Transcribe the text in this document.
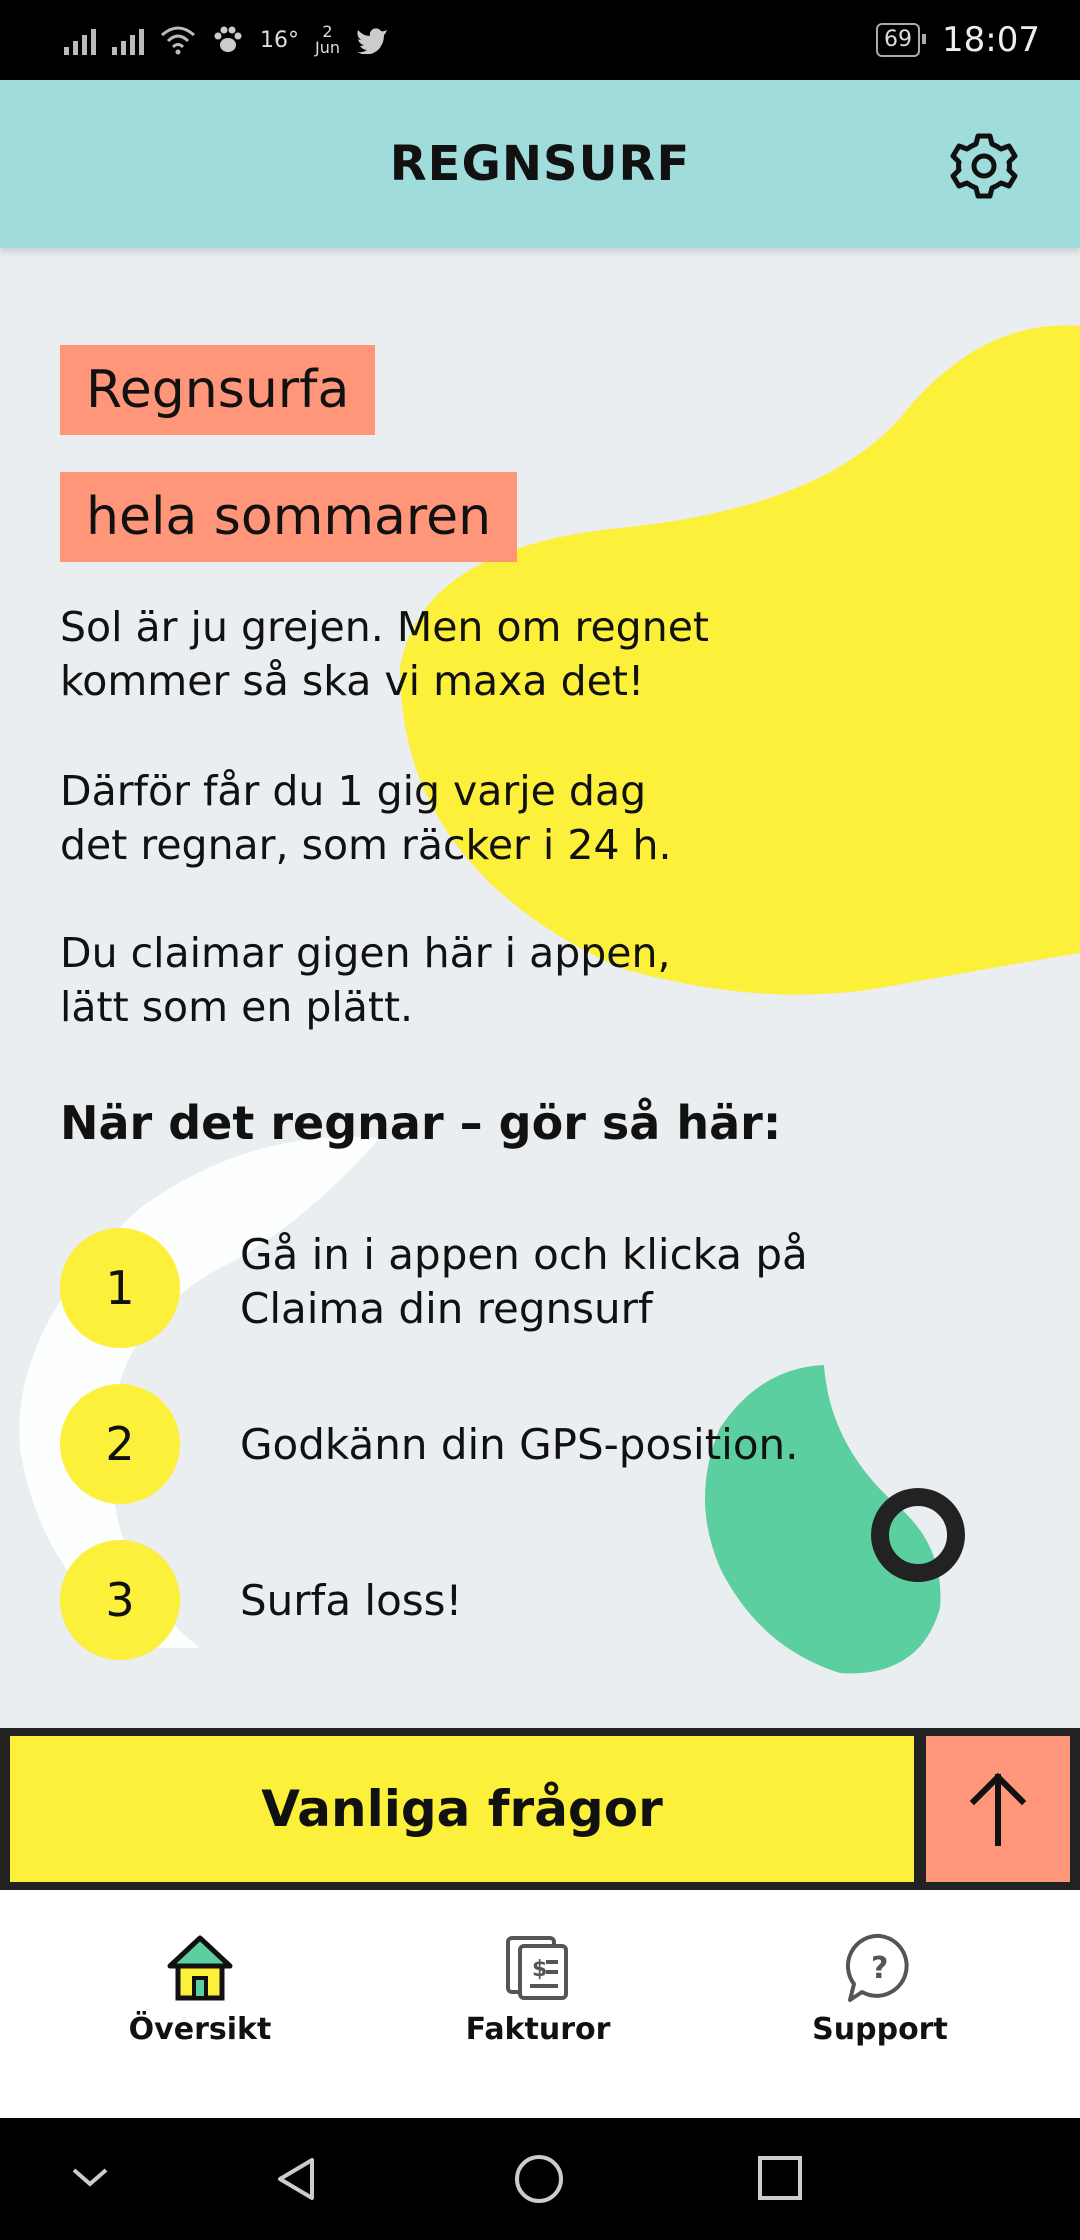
16° 2
Jun	69 18:07
REGNSURF
Regnsurfa
hela sommaren
Sol är ju grejen. Men om regnet
kommer så ska vi maxa det!
Därför får du 1 gig varje dag
det regnar, som räcker i 24 h.
Du claimar gigen här i appen,
lätt som en plätt.
När det regnar – gör så här:
1
Gå in i appen och klicka på
Claima din regnsurf
2	Godkänn din GPS-position.
3	Surfa loss!
Vanliga frågor
Översikt
$
Fakturor
?
Support
